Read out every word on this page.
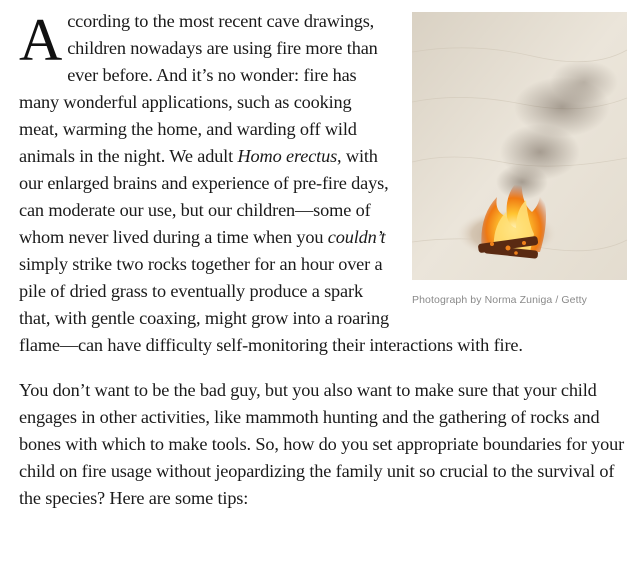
Photograph by Norma Zuniga / Getty

According to the most recent cave drawings, children nowadays are using fire more than ever before. And it’s no wonder: fire has many wonderful applications, such as cooking meat, warming the home, and warding off wild animals in the night. We adult Homo erectus, with our enlarged brains and experience of pre-fire days, can moderate our use, but our children—some of whom never lived during a time when you couldn’t simply strike two rocks together for an hour over a pile of dried grass to eventually produce a spark that, with gentle coaxing, might grow into a roaring flame—can have difficulty self-monitoring their interactions with fire.

You don’t want to be the bad guy, but you also want to make sure that your child engages in other activities, like mammoth hunting and the gathering of rocks and bones with which to make tools. So, how do you set appropriate boundaries for your child on fire usage without jeopardizing the family unit so crucial to the survival of the species? Here are some tips:
